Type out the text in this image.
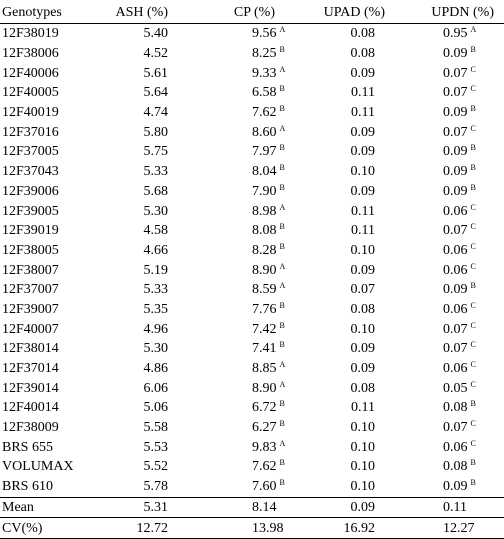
Genotypes	ASH (%)	CP (%)	UPAD (%)	UPDN (%)
12F38019	5.40	9.56 $^A$	0.08	0.95 $^A$
12F38006	4.52	8.25 $^B$	0.08	0.09 $^B$
12F40006	5.61	9.33 $^A$	0.09	0.07 $^C$
12F40005	5.64	6.58 $^B$	0.11	0.07 $^C$
12F40019	4.74	7.62 $^B$	0.11	0.09 $^B$
12F37016	5.80	8.60 $^A$	0.09	0.07 $^C$
12F37005	5.75	7.97 $^B$	0.09	0.09 $^B$
12F37043	5.33	8.04 $^B$	0.10	0.09 $^B$
12F39006	5.68	7.90 $^B$	0.09	0.09 $^B$
12F39005	5.30	8.98 $^A$	0.11	0.06 $^C$
12F39019	4.58	8.08 $^B$	0.11	0.07 $^C$
12F38005	4.66	8.28 $^B$	0.10	0.06 $^C$
12F38007	5.19	8.90 $^A$	0.09	0.06 $^C$
12F37007	5.33	8.59 $^A$	0.07	0.09 $^B$
12F39007	5.35	7.76 $^B$	0.08	0.06 $^C$
12F40007	4.96	7.42 $^B$	0.10	0.07 $^C$
12F38014	5.30	7.41 $^B$	0.09	0.07 $^C$
12F37014	4.86	8.85 $^A$	0.09	0.06 $^C$
12F39014	6.06	8.90 $^A$	0.08	0.05 $^C$
12F40014	5.06	6.72 $^B$	0.11	0.08 $^B$
12F38009	5.58	6.27 $^B$	0.10	0.07 $^C$
BRS 655	5.53	9.83 $^A$	0.10	0.06 $^C$
VOLUMAX	5.52	7.62 $^B$	0.10	0.08 $^B$
BRS 610	5.78	7.60 $^B$	0.10	0.09 $^B$
Mean	5.31	8.14	0.09	0.11
CV(%)	12.72	13.98	16.92	12.27
